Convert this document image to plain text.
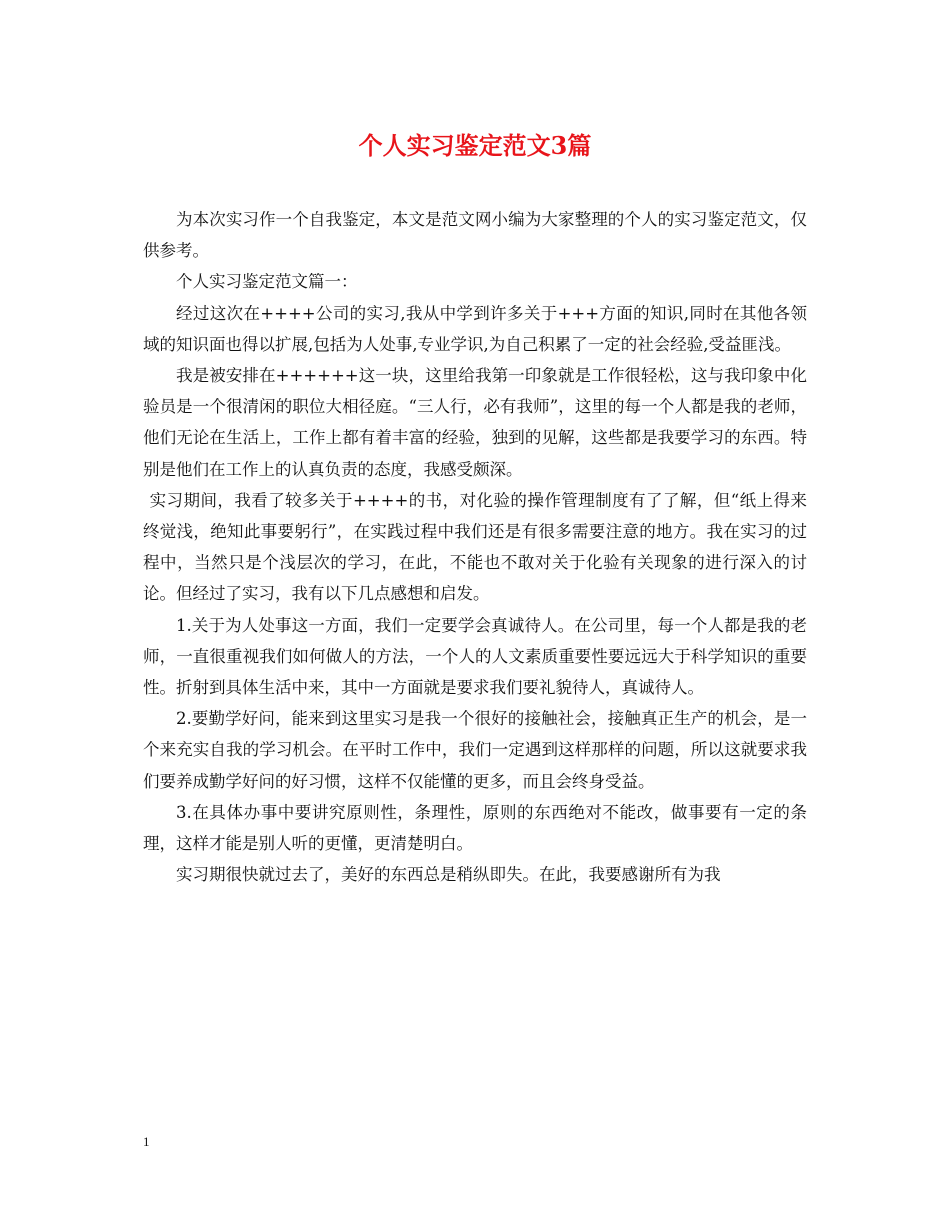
个人实习鉴定范文3篇

为本次实习作一个自我鉴定，本文是范文网小编为大家整理的个人的实习鉴定范文，仅供参考。

个人实习鉴定范文篇一：

经过这次在++++公司的实习,我从中学到许多关于+++方面的知识,同时在其他各领域的知识面也得以扩展,包括为人处事,专业学识,为自己积累了一定的社会经验,受益匪浅。

我是被安排在++++++这一块，这里给我第一印象就是工作很轻松，这与我印象中化验员是一个很清闲的职位大相径庭。“三人行，必有我师”，这里的每一个人都是我的老师，他们无论在生活上，工作上都有着丰富的经验，独到的见解，这些都是我要学习的东西。特别是他们在工作上的认真负责的态度，我感受颇深。

实习期间，我看了较多关于++++的书，对化验的操作管理制度有了了解，但“纸上得来终觉浅，绝知此事要躬行”，在实践过程中我们还是有很多需要注意的地方。我在实习的过程中，当然只是个浅层次的学习，在此，不能也不敢对关于化验有关现象的进行深入的讨论。但经过了实习，我有以下几点感想和启发。

1.关于为人处事这一方面，我们一定要学会真诚待人。在公司里，每一个人都是我的老师，一直很重视我们如何做人的方法，一个人的人文素质重要性要远远大于科学知识的重要性。折射到具体生活中来，其中一方面就是要求我们要礼貌待人，真诚待人。

2.要勤学好问，能来到这里实习是我一个很好的接触社会，接触真正生产的机会，是一个来充实自我的学习机会。在平时工作中，我们一定遇到这样那样的问题，所以这就要求我们要养成勤学好问的好习惯，这样不仅能懂的更多，而且会终身受益。

3.在具体办事中要讲究原则性，条理性，原则的东西绝对不能改，做事要有一定的条理，这样才能是别人听的更懂，更清楚明白。

实习期很快就过去了，美好的东西总是稍纵即失。在此，我要感谢所有为我

1
